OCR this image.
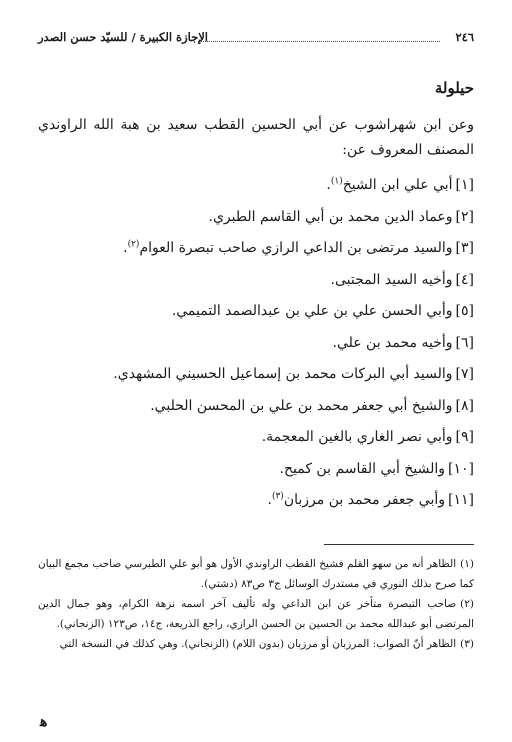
٢٤٦
الإجازة الكبيرة / للسيّد حسن الصدر
حيلولة
وعن ابن شهراشوب عن أبي الحسين القطب سعيد بن هبة الله الراوندي
المصنف المعروف عن:
[١]أبي علي ابن الشيخ$^{(١)}$.
[٢]وعماد الدين محمد بن أبي القاسم الطبري.
[٣]والسيد مرتضى بن الداعي الرازي صاحب تبصرة العوام$^{(٢)}$.
[٤]وأخيه السيد المجتبى.
[٥]وأبي الحسن علي بن علي بن عبدالصمد التميمي.
[٦]وأخيه محمد بن علي.
[٧]والسيد أبي البركات محمد بن إسماعيل الحسيني المشهدي.
[٨]والشيخ أبي جعفر محمد بن علي بن المحسن الحلبي.
[٩]وأبي نصر الغاري بالغين المعجمة.
[١٠]والشيخ أبي القاسم بن كميح.
[١١]وأبي جعفر محمد بن مرزبان$^{(٣)}$.
(١)الظاهر أنه من سهو القلم فشيخ القطب الراوندي الأول هو أبو علي الطبرسي صاحب مجمع البيان كما صرح بذلك النوري في مستدرك الوسائل ج٣ ص٨٣ (دشتي).
(٢)صاحب التبصرة متأخر عن ابن الداعي وله تأليف آخر اسمه نزهة الكرام، وهو جمال الدين المرتضى أبو عبدالله محمد بن الحسين بن الحسن الرازي، راجع الذريعة، ج١٤، ص١٢٣ (الزنجاني).
(٣)الظاهر أنّ الصواب: المرزبان أو مرزبان (بدون اللام) (الزنجاني). وهي كذلك في النسخة التي
ﻫ
